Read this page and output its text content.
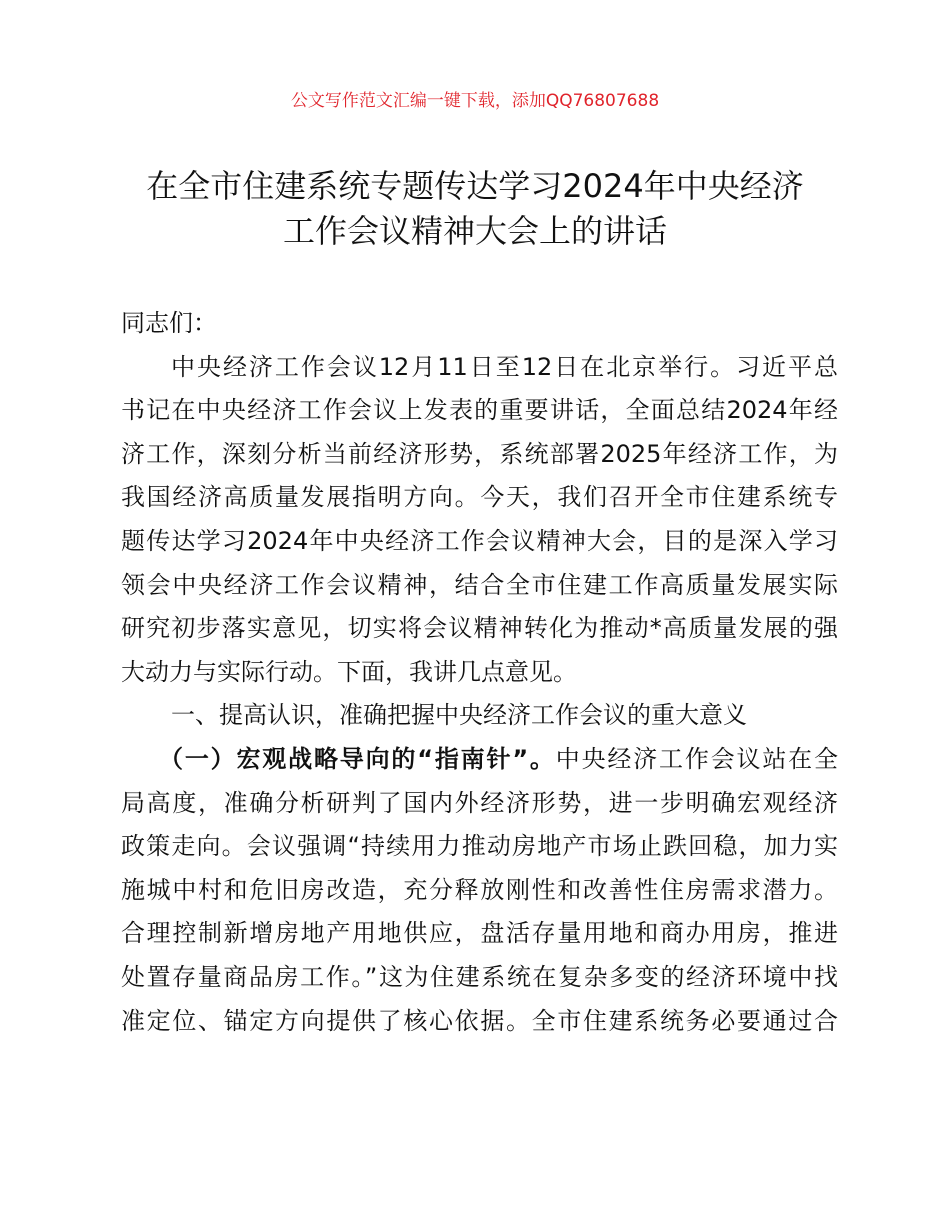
公文写作范文汇编一键下载，添加QQ76807688
在全市住建系统专题传达学习2024年中央经济
工作会议精神大会上的讲话
同志们：
中央经济工作会议12月11日至12日在北京举行。习近平总
书记在中央经济工作会议上发表的重要讲话，全面总结2024年经
济工作，深刻分析当前经济形势，系统部署2025年经济工作，为
我国经济高质量发展指明方向。今天，我们召开全市住建系统专
题传达学习2024年中央经济工作会议精神大会，目的是深入学习
领会中央经济工作会议精神，结合全市住建工作高质量发展实际
研究初步落实意见，切实将会议精神转化为推动*高质量发展的强
大动力与实际行动。下面，我讲几点意见。
一、提高认识，准确把握中央经济工作会议的重大意义
（一）宏观战略导向的“指南针”。中央经济工作会议站在全
局高度，准确分析研判了国内外经济形势，进一步明确宏观经济
政策走向。会议强调“持续用力推动房地产市场止跌回稳，加力实
施城中村和危旧房改造，充分释放刚性和改善性住房需求潜力。
合理控制新增房地产用地供应，盘活存量用地和商办用房，推进
处置存量商品房工作。”这为住建系统在复杂多变的经济环境中找
准定位、锚定方向提供了核心依据。全市住建系统务必要通过合
